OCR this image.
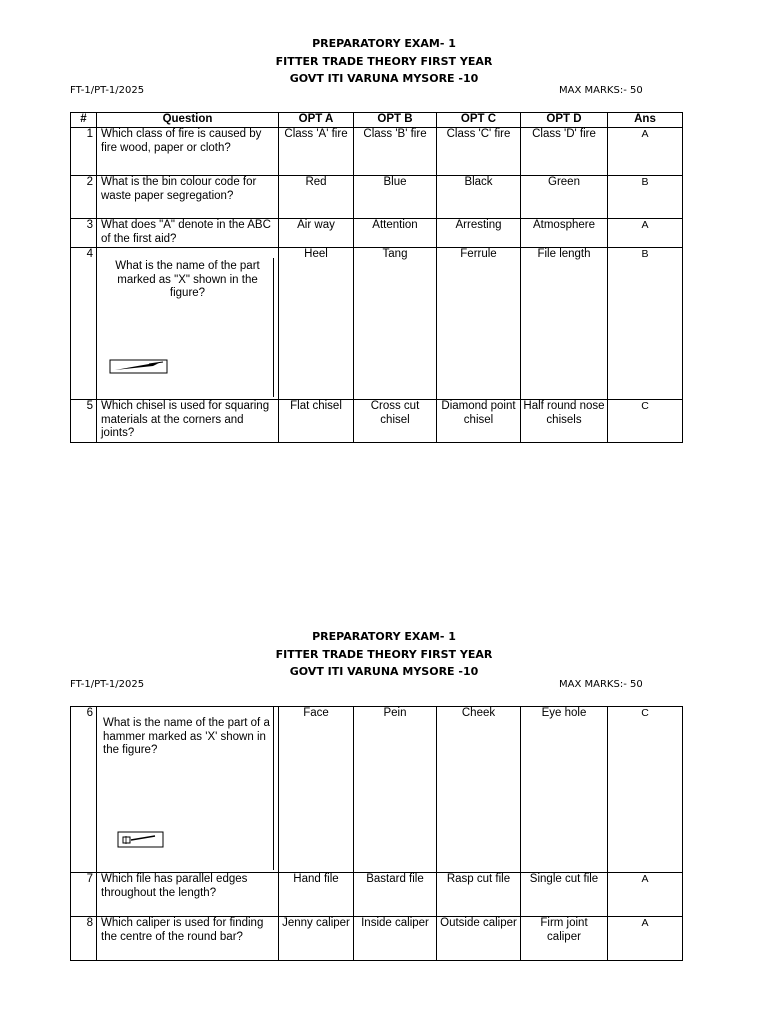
PREPARATORY EXAM- 1
FITTER TRADE THEORY FIRST YEAR
GOVT ITI VARUNA MYSORE -10
FT-1/PT-1/2025	MAX MARKS:- 50
#	Question	OPT A	OPT B	OPT C	OPT D	Ans
1	Which class of fire is caused by fire wood, paper or cloth?	Class 'A' fire	Class 'B' fire	Class 'C' fire	Class 'D' fire	A
2	What is the bin colour code for waste paper segregation?	Red	Blue	Black	Green	B
3	What does "A" denote in the ABC of the first aid?	Air way	Attention	Arresting	Atmosphere	A
4	What is the name of the part marked as "X" shown in the figure?	Heel	Tang	Ferrule	File length	B
5	Which chisel is used for squaring materials at the corners and joints?	Flat chisel	Cross cut chisel	Diamond point chisel	Half round nose chisels	C
PREPARATORY EXAM- 1
FITTER TRADE THEORY FIRST YEAR
GOVT ITI VARUNA MYSORE -10
FT-1/PT-1/2025	MAX MARKS:- 50
6	What is the name of the part of a hammer marked as 'X' shown in the figure?	Face	Pein	Cheek	Eye hole	C
7	Which file has parallel edges throughout the length?	Hand file	Bastard file	Rasp cut file	Single cut file	A
8	Which caliper is used for finding the centre of the round bar?	Jenny caliper	Inside caliper	Outside caliper	Firm joint caliper	A
